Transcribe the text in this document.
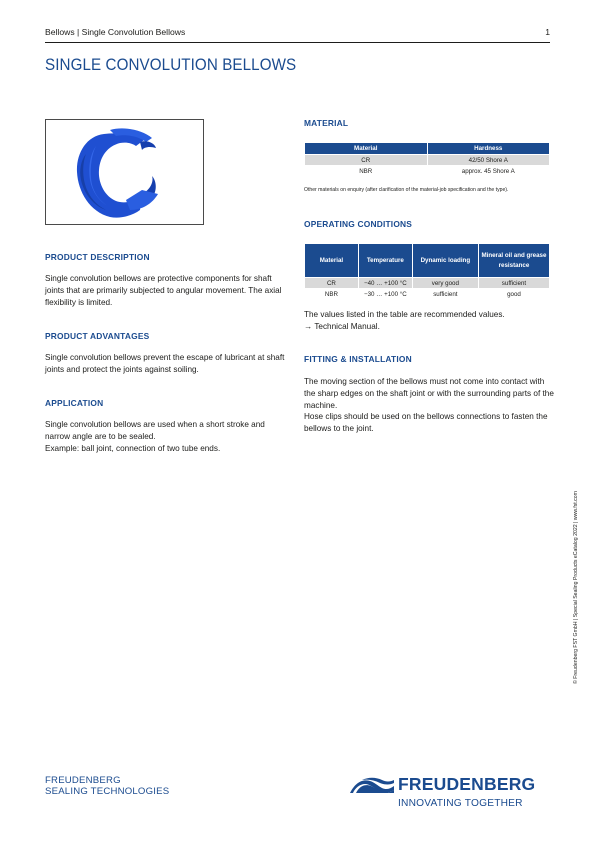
Bellows | Single Convolution Bellows	1
SINGLE CONVOLUTION BELLOWS
PRODUCT DESCRIPTION

Single convolution bellows are protective components for shaft joints that are primarily subjected to angular movement. The axial flexibility is limited.

PRODUCT ADVANTAGES

Single convolution bellows prevent the escape of lubricant at shaft joints and protect the joints against soiling.

APPLICATION
Single convolution bellows are used when a short stroke and narrow angle are to be sealed.
Example: ball joint, connection of two tube ends.
MATERIAL
Material	Hardness
CR	42/50 Shore A
NBR	approx. 45 Shore A

Other materials on enquiry (after clarification of the material-job specification and the type).

OPERATING CONDITIONS
Material	Temperature	Dynamic loading	Mineral oil and grease resistance
CR	−40 … +100 °C	very good	sufficient
NBR	−30 … +100 °C	sufficient	good
The values listed in the table are recommended values.
→ Technical Manual.
FITTING & INSTALLATION
The moving section of the bellows must not come into contact with the sharp edges on the shaft joint or with the surrounding parts of the machine.
Hose clips should be used on the bellows connections to fasten the bellows to the joint.
© Freudenberg FST GmbH | Special Sealing Products eCatalog 2022 | www.fst.com
FREUDENBERG
SEALING TECHNOLOGIES	FREUDENBERG
INNOVATING TOGETHER
